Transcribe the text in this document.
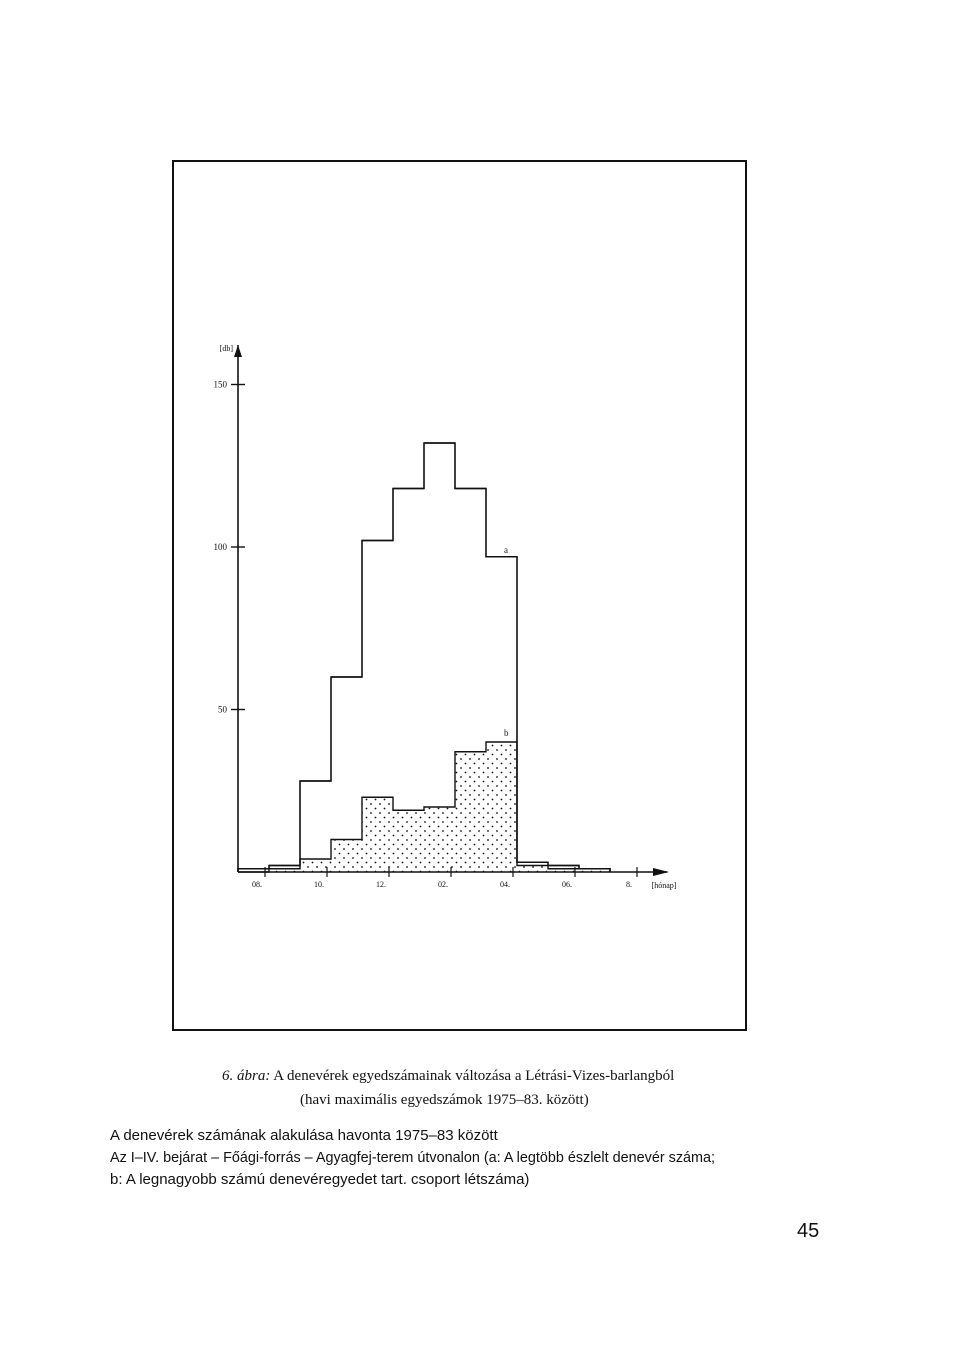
a
b
50
100
150
[db]
08.	10.	12.	02.	04.	06.	8. [hónap]
6. ábra: A denevérek egyedszámainak változása a Létrási-Vizes-barlangból
(havi maximális egyedszámok 1975–83. között)
A denevérek számának alakulása havonta 1975–83 között
Az I–IV. bejárat – Főági-forrás – Agyagfej-terem útvonalon (a: A legtöbb észlelt denevér száma;
b: A legnagyobb számú denevéregyedet tart. csoport létszáma)
45
